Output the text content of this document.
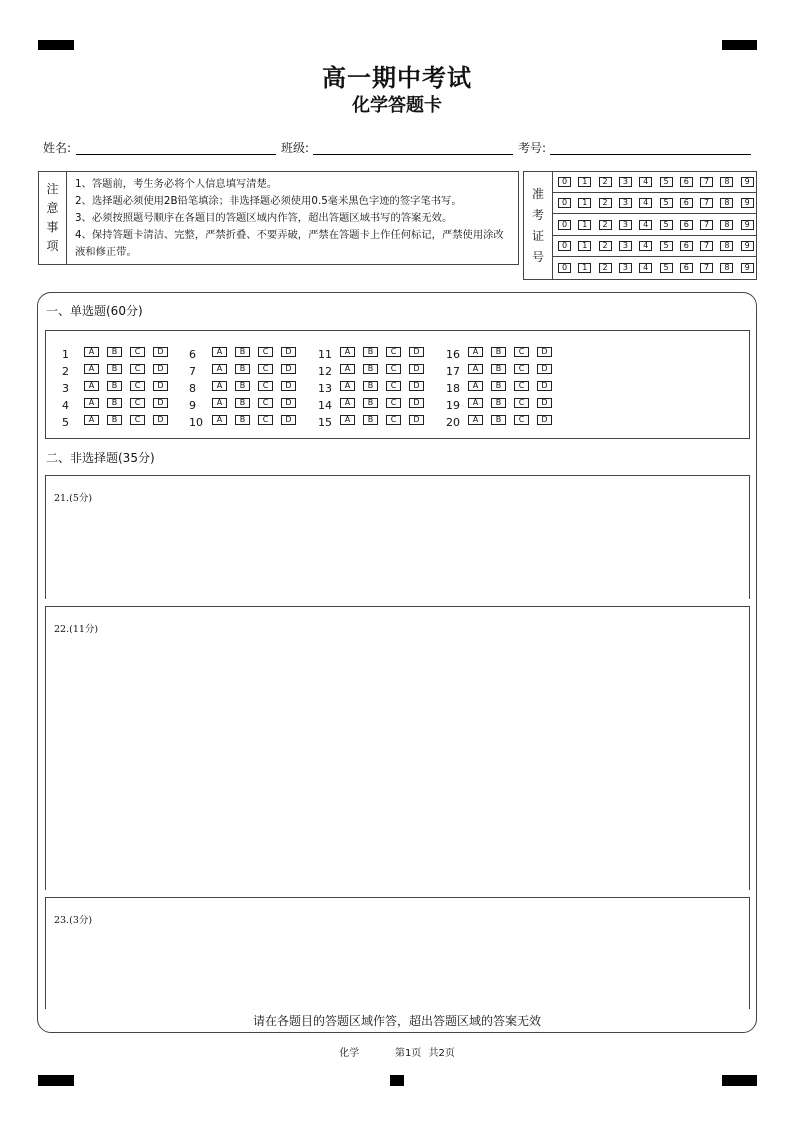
高一期中考试
化学答题卡
姓名:	班级:	考号:
注
意
事
项
1、答题前，考生务必将个人信息填写清楚。
2、选择题必须使用2B铅笔填涂；非选择题必须使用0.5毫米黑色字迹的签字笔书写。
3、必须按照题号顺序在各题目的答题区域内作答，超出答题区域书写的答案无效。
4、保持答题卡清洁、完整，严禁折叠、不要弄破，严禁在答题卡上作任何标记，严禁使用涂改液和修正带。
准
考
证
号
0	1	2	3	4	5	6	7	8	9
0	1	2	3	4	5	6	7	8	9
0	1	2	3	4	5	6	7	8	9
0	1	2	3	4	5	6	7	8	9
0	1	2	3	4	5	6	7	8	9
一、单选题(60分)
1	A	B	C	D
2	A	B	C	D
3	A	B	C	D
4	A	B	C	D
5	A	B	C	D
6	A	B	C	D
7	A	B	C	D
8	A	B	C	D
9	A	B	C	D
10	A	B	C	D
11	A	B	C	D
12	A	B	C	D
13	A	B	C	D
14	A	B	C	D
15	A	B	C	D
16	A	B	C	D
17	A	B	C	D
18	A	B	C	D
19	A	B	C	D
20	A	B	C	D
二、非选择题(35分)
21.(5分)
22.(11分)
23.(3分)
请在各题目的答题区域作答，超出答题区域的答案无效
化学	第1页 共2页
